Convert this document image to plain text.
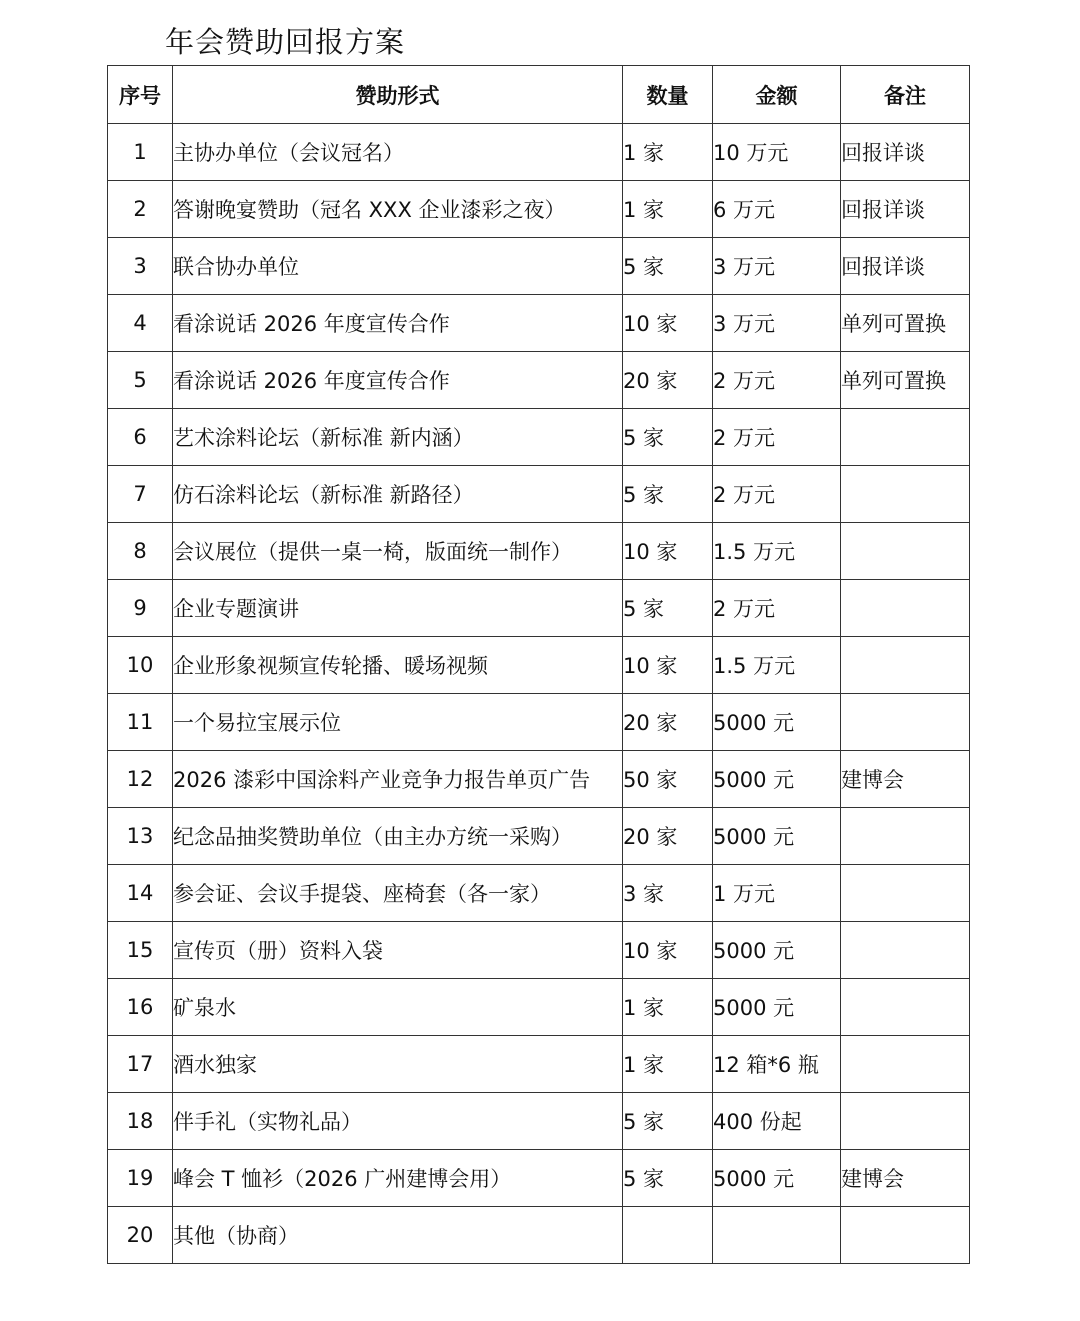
年会赞助回报方案
序号	赞助形式	数量	金额	备注
1	主协办单位（会议冠名）	1 家	10 万元	回报详谈
2	答谢晚宴赞助（冠名 XXX 企业漆彩之夜）	1 家	6 万元	回报详谈
3	联合协办单位	5 家	3 万元	回报详谈
4	看涂说话 2026 年度宣传合作	10 家	3 万元	单列可置换
5	看涂说话 2026 年度宣传合作	20 家	2 万元	单列可置换
6	艺术涂料论坛（新标准 新内涵）	5 家	2 万元	
7	仿石涂料论坛（新标准 新路径）	5 家	2 万元	
8	会议展位（提供一桌一椅，版面统一制作）	10 家	1.5 万元	
9	企业专题演讲	5 家	2 万元	
10	企业形象视频宣传轮播、暖场视频	10 家	1.5 万元	
11	一个易拉宝展示位	20 家	5000 元	
12	2026 漆彩中国涂料产业竞争力报告单页广告	50 家	5000 元	建博会
13	纪念品抽奖赞助单位（由主办方统一采购）	20 家	5000 元	
14	参会证、会议手提袋、座椅套（各一家）	3 家	1 万元	
15	宣传页（册）资料入袋	10 家	5000 元	
16	矿泉水	1 家	5000 元	
17	酒水独家	1 家	12 箱*6 瓶	
18	伴手礼（实物礼品）	5 家	400 份起	
19	峰会 T 恤衫（2026 广州建博会用）	5 家	5000 元	建博会
20	其他（协商）			
